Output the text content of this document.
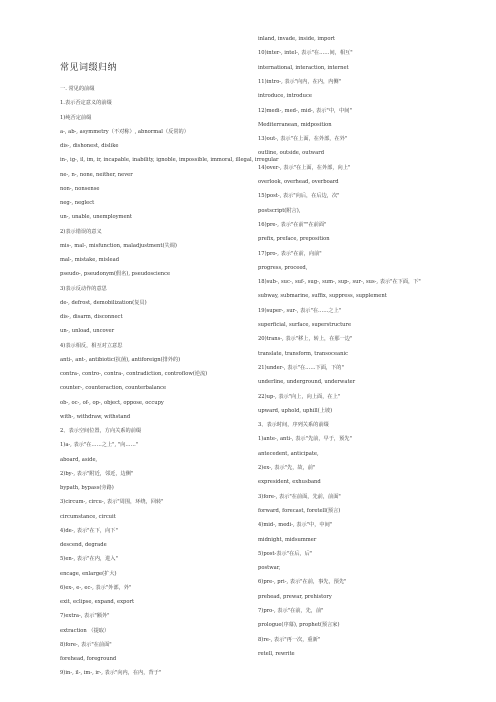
常见词缀归纳
一. 常见的前缀
1.表示否定意义的前缀
1)纯否定前缀
a-, ab-, asymmetry（不对称）, abnormal（反常的）
dis-, dishonest, dislike
in-, ig-, il, im, ir, incapable, inability, ignoble, impossible, immoral, illegal, irregular
ne-, n-, none, neither, never
non-, nonsense
neg-, neglect
un-, unable, unemployment
2)表示错误的意义
mis-, mal-, misfunction, maladjustment(失调)
mal-, mistake, mislead
pseudo-, pseudonym(假名), pseudoscience
3)表示反动作的意思
de-, defrost, demobilization(复员)
dis-, disarm, disconnect
un-, unload, uncover
4)表示相反，相互对立意思
anti-, ant-, antibiotic(抗菌), antiforeign(排外的)
contra-, contro-, contra-, contradiction, controflow(逆流)
counter-, counteraction, counterbalance
ob-, oc-, of-, op-, object, oppose, occupy
with-, withdraw, withstand
2、表示空间位置，方向关系的前缀
1)a-, 表示"在……之上", "向……"
aboard, aside,
2)by-, 表示"附近，邻近，边侧"
bypath, bypass(旁路)
3)circum-, circu-, 表示"周围，环绕，回转"
circumstance, circuit
4)de-, 表示"在下，向下"
descend, degrade
5)en-, 表示"在内，进入"
encage, enlarge(扩大)
6)ex-, e-, ec-, 表示"外部，外"
exit, eclipse, expand, export
7)extra-, 表示"额外"
extraction （提取）
8)fore-, 表示"在前面"
forehead, foreground
9)in-, il-, im-, ir-, 表示"向内，在内，背于"
inland, invade, inside, import
10)inter-, intel-, 表示"在……间，相互"
international, interaction, internet
11)intro-, 表示"向内，在内，内侧"
introduce, introduce
12)medi-, med-, mid-, 表示"中，中间"
Mediterranean, midposition
13)out-, 表示"在上面，在外部，在外"
outline, outside, outward
14)over-, 表示"在上面，在外部，向上"
overlook, overhead, overboard
15)post-, 表示"向后，在后边，次"
postscript(附言),
16)pre-, 表示"在前""在前面"
prefix, preface, preposition
17)pro-, 表示"在前，向前"
progress, proceed,
18)sub-, suc-, suf-, sug-, sum-, sup-, sur-, sus-, 表示"在下面，下"
subway, submarine, suffix, suppress, supplement
19)super-, sur-, 表示"在……之上"
superficial, surface, superstructure
20)trans-, 表示"移上，转上，在那一边"
translate, transform, transoceanic
21)under-, 表示"在……下面，下的"
underline, underground, underwater
22)up-, 表示"向上，向上面，在上"
upward, uphold, uphill(上坡)
3、表示时间，序列关系的前缀
1)ante-, anti-, 表示"先前，早于，预先"
antecedent, anticipate,
2)ex-, 表示"先，故，前"
expresident, exhusband
3)fore-, 表示"在前面，先前，前面"
forward, forecast, foretell(预言)
4)mid-, medi-, 表示"中，中间"
midnight, midsummer
5)post-表示"在后，后"
postwar,
6)pre-, pri-, 表示"在前，事先，预先"
prehead, prewar, prehistory
7)pro-, 表示"在前，先，前"
prologue(序幕), prophet(预言家)
8)re-, 表示"再一次，重新"
retell, rewrite
